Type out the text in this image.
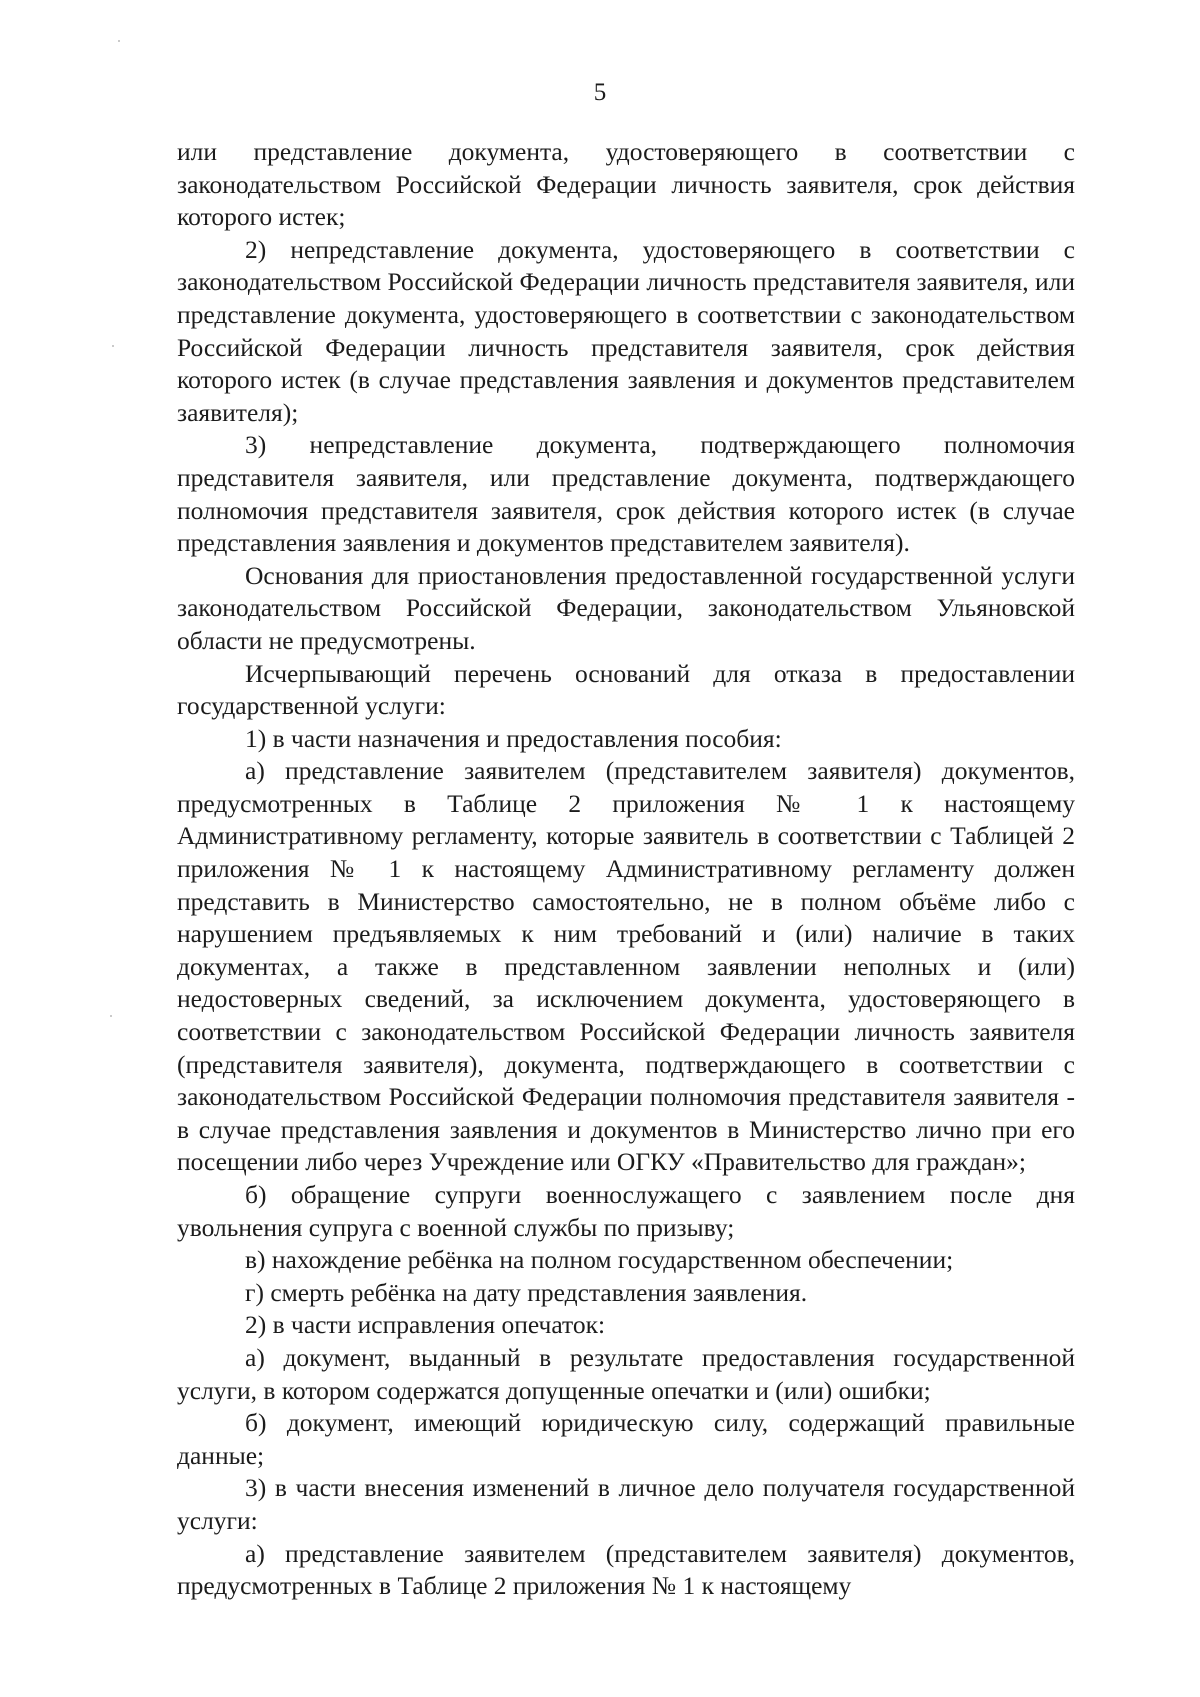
5

или представление документа, удостоверяющего в соответствии с законодательством Российской Федерации личность заявителя, срок действия которого истек;

2) непредставление документа, удостоверяющего в соответствии с законодательством Российской Федерации личность представителя заявителя, или представление документа, удостоверяющего в соответствии с законодательством Российской Федерации личность представителя заявителя, срок действия которого истек (в случае представления заявления и документов представителем заявителя);

3) непредставление документа, подтверждающего полномочия представителя заявителя, или представление документа, подтверждающего полномочия представителя заявителя, срок действия которого истек (в случае представления заявления и документов представителем заявителя).

Основания для приостановления предоставленной государственной услуги законодательством Российской Федерации, законодательством Ульяновской области не предусмотрены.

Исчерпывающий перечень оснований для отказа в предоставлении государственной услуги:

1) в части назначения и предоставления пособия:

а) представление заявителем (представителем заявителя) документов, предусмотренных в Таблице 2 приложения № 1 к настоящему Административному регламенту, которые заявитель в соответствии с Таблицей 2 приложения № 1 к настоящему Административному регламенту должен представить в Министерство самостоятельно, не в полном объёме либо с нарушением предъявляемых к ним требований и (или) наличие в таких документах, а также в представленном заявлении неполных и (или) недостоверных сведений, за исключением документа, удостоверяющего в соответствии с законодательством Российской Федерации личность заявителя (представителя заявителя), документа, подтверждающего в соответствии с законодательством Российской Федерации полномочия представителя заявителя - в случае представления заявления и документов в Министерство лично при его посещении либо через Учреждение или ОГКУ «Правительство для граждан»;

б) обращение супруги военнослужащего с заявлением после дня увольнения супруга с военной службы по призыву;

в) нахождение ребёнка на полном государственном обеспечении;

г) смерть ребёнка на дату представления заявления.

2) в части исправления опечаток:

а) документ, выданный в результате предоставления государственной услуги, в котором содержатся допущенные опечатки и (или) ошибки;

б) документ, имеющий юридическую силу, содержащий правильные данные;

3) в части внесения изменений в личное дело получателя государственной услуги:

а) представление заявителем (представителем заявителя) документов, предусмотренных в Таблице 2 приложения № 1 к настоящему
